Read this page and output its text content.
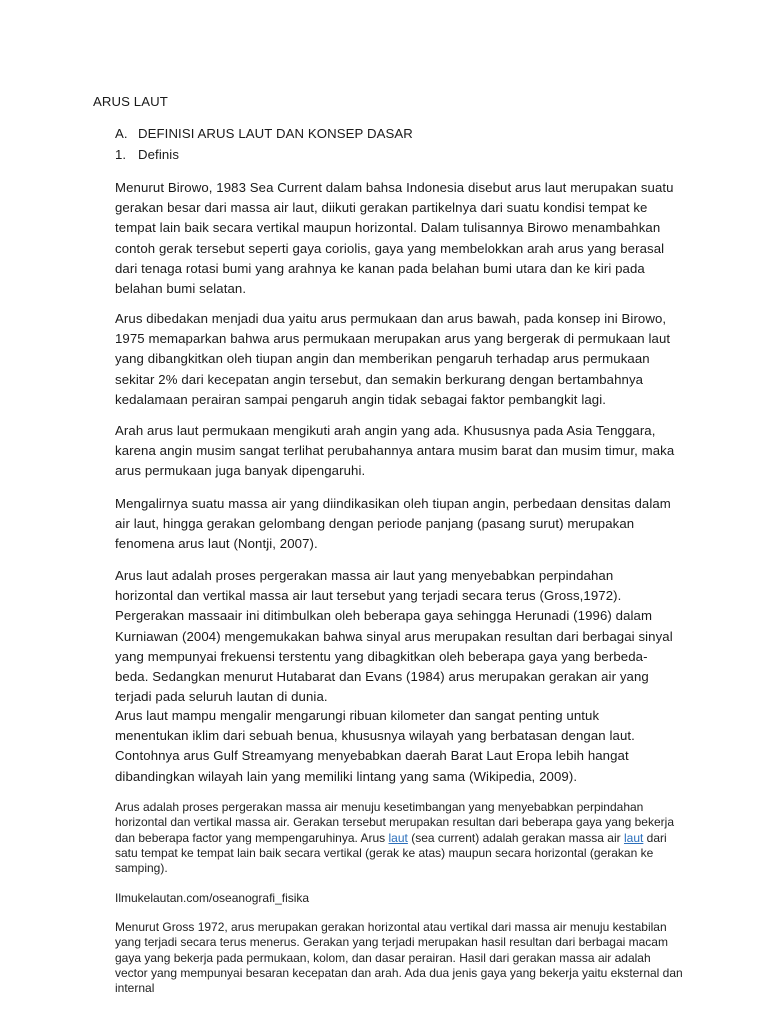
ARUS LAUT
A. DEFINISI ARUS LAUT DAN KONSEP DASAR
1. Definis

Menurut Birowo, 1983 Sea Current dalam bahsa Indonesia disebut arus laut merupakan suatu gerakan besar dari massa air laut, diikuti gerakan partikelnya dari suatu kondisi tempat ke tempat lain baik secara vertikal maupun horizontal. Dalam tulisannya Birowo menambahkan contoh gerak tersebut seperti gaya coriolis, gaya yang membelokkan arah arus yang berasal dari tenaga rotasi bumi yang arahnya ke kanan pada belahan bumi utara dan ke kiri pada belahan bumi selatan.

Arus dibedakan menjadi dua yaitu arus permukaan dan arus bawah, pada konsep ini Birowo, 1975 memaparkan bahwa arus permukaan merupakan arus yang bergerak di permukaan laut yang dibangkitkan oleh tiupan angin dan memberikan pengaruh terhadap arus permukaan sekitar 2% dari kecepatan angin tersebut, dan semakin berkurang dengan bertambahnya kedalamaan perairan sampai pengaruh angin tidak sebagai faktor pembangkit lagi.

Arah arus laut permukaan mengikuti arah angin yang ada. Khususnya pada Asia Tenggara, karena angin musim sangat terlihat perubahannya antara musim barat dan musim timur, maka arus permukaan juga banyak dipengaruhi.

Mengalirnya suatu massa air yang diindikasikan oleh tiupan angin, perbedaan densitas dalam air laut, hingga gerakan gelombang dengan periode panjang (pasang surut) merupakan fenomena arus laut (Nontji, 2007).

Arus laut adalah proses pergerakan massa air laut yang menyebabkan perpindahan horizontal dan vertikal massa air laut tersebut yang terjadi secara terus (Gross,1972). Pergerakan massaair ini ditimbulkan oleh beberapa gaya sehingga Herunadi (1996) dalam Kurniawan (2004) mengemukakan bahwa sinyal arus merupakan resultan dari berbagai sinyal yang mempunyai frekuensi terstentu yang dibagkitkan oleh beberapa gaya yang berbeda-beda. Sedangkan menurut Hutabarat dan Evans (1984) arus merupakan gerakan air yang terjadi pada seluruh lautan di dunia.

Arus laut mampu mengalir mengarungi ribuan kilometer dan sangat penting untuk menentukan iklim dari sebuah benua, khususnya wilayah yang berbatasan dengan laut. Contohnya arus Gulf Streamyang menyebabkan daerah Barat Laut Eropa lebih hangat dibandingkan wilayah lain yang memiliki lintang yang sama (Wikipedia, 2009).

Arus adalah proses pergerakan massa air menuju kesetimbangan yang menyebabkan perpindahan horizontal dan vertikal massa air. Gerakan tersebut merupakan resultan dari beberapa gaya yang bekerja dan beberapa factor yang mempengaruhinya. Arus laut (sea current) adalah gerakan massa air laut dari satu tempat ke tempat lain baik secara vertikal (gerak ke atas) maupun secara horizontal (gerakan ke samping).

Ilmukelautan.com/oseanografi_fisika

Menurut Gross 1972, arus merupakan gerakan horizontal atau vertikal dari massa air menuju kestabilan yang terjadi secara terus menerus. Gerakan yang terjadi merupakan hasil resultan dari berbagai macam gaya yang bekerja pada permukaan, kolom, dan dasar perairan. Hasil dari gerakan massa air adalah vector yang mempunyai besaran kecepatan dan arah. Ada dua jenis gaya yang bekerja yaitu eksternal dan internal
